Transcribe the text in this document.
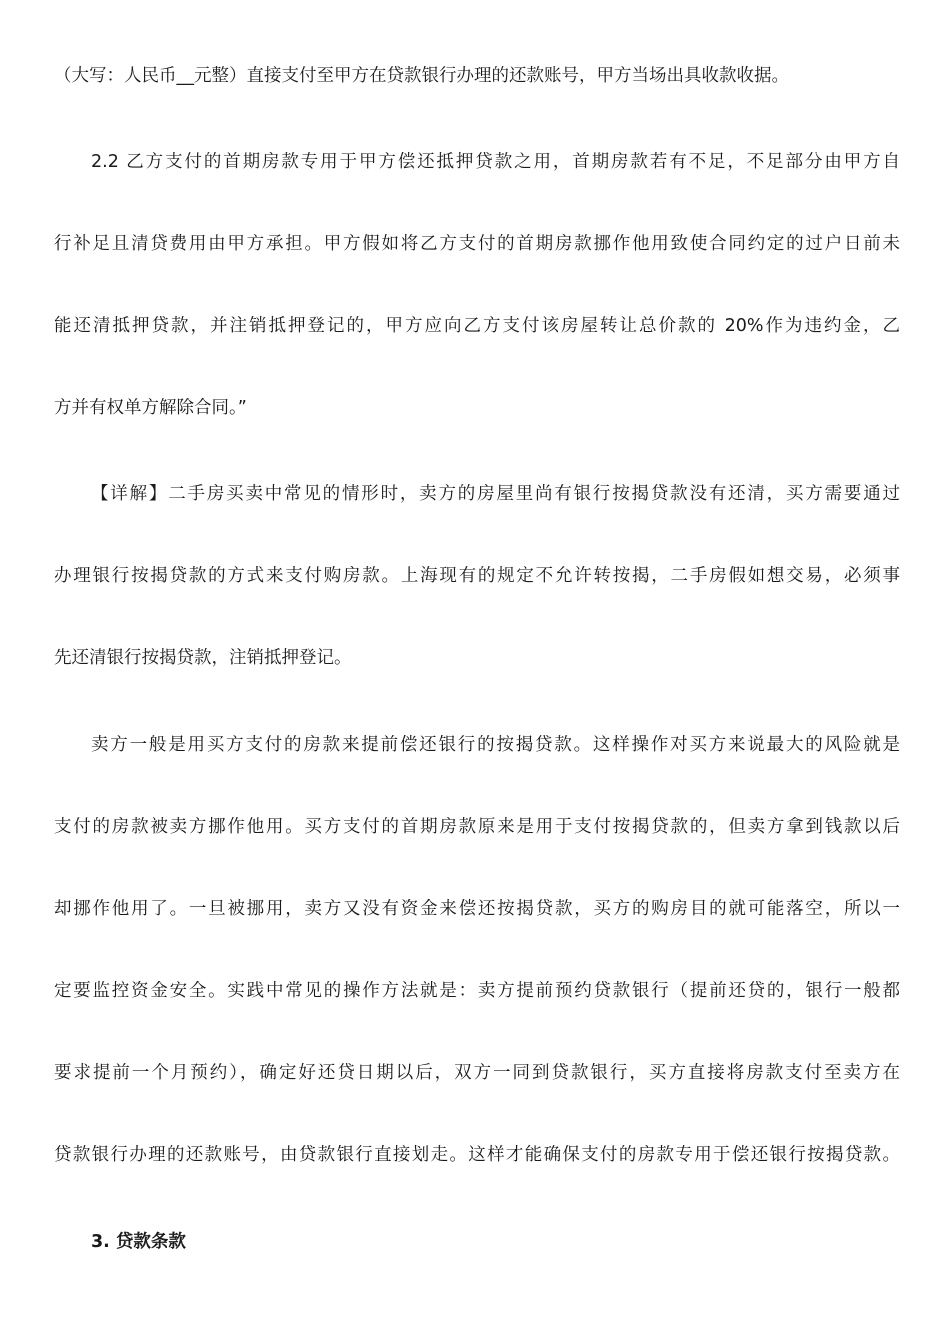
（大写：人民币__元整）直接支付至甲方在贷款银行办理的还款账号，甲方当场出具收款收据。
2.2 乙方支付的首期房款专用于甲方偿还抵押贷款之用，首期房款若有不足，不足部分由甲方自
行补足且清贷费用由甲方承担。甲方假如将乙方支付的首期房款挪作他用致使合同约定的过户日前未
能还清抵押贷款，并注销抵押登记的，甲方应向乙方支付该房屋转让总价款的 20%作为违约金，乙
方并有权单方解除合同。”
【详解】二手房买卖中常见的情形时，卖方的房屋里尚有银行按揭贷款没有还清，买方需要通过
办理银行按揭贷款的方式来支付购房款。上海现有的规定不允许转按揭，二手房假如想交易，必须事
先还清银行按揭贷款，注销抵押登记。
卖方一般是用买方支付的房款来提前偿还银行的按揭贷款。这样操作对买方来说最大的风险就是
支付的房款被卖方挪作他用。买方支付的首期房款原来是用于支付按揭贷款的，但卖方拿到钱款以后
却挪作他用了。一旦被挪用，卖方又没有资金来偿还按揭贷款，买方的购房目的就可能落空，所以一
定要监控资金安全。实践中常见的操作方法就是：卖方提前预约贷款银行（提前还贷的，银行一般都
要求提前一个月预约），确定好还贷日期以后，双方一同到贷款银行，买方直接将房款支付至卖方在
贷款银行办理的还款账号，由贷款银行直接划走。这样才能确保支付的房款专用于偿还银行按揭贷款。
3. 贷款条款
